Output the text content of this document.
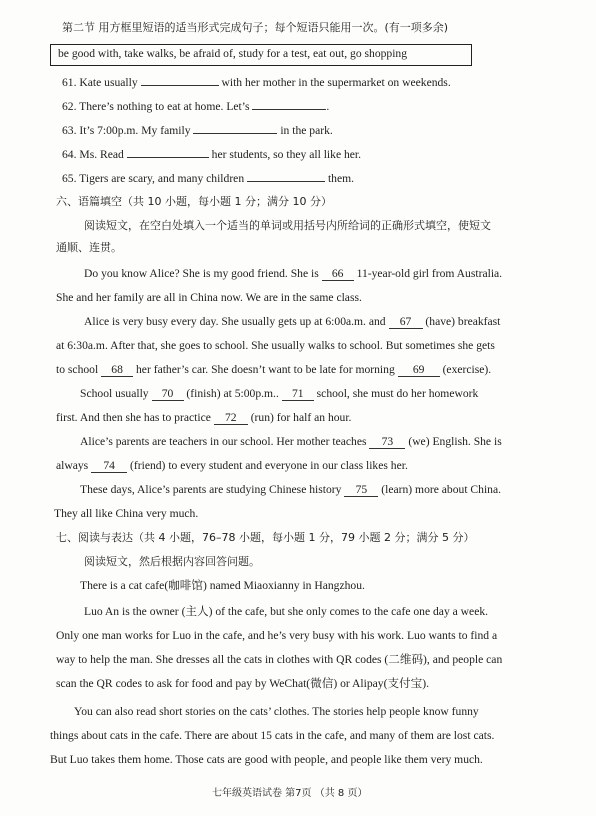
第二节 用方框里短语的适当形式完成句子；每个短语只能用一次。(有一项多余)
be good with, take walks, be afraid of, study for a test, eat out, go shopping
61. Kate usually	with her mother in the supermarket on weekends.
62. There’s nothing to eat at home. Let’s	.
63. It’s 7:00p.m. My family	in the park.
64. Ms. Read	her students, so they all like her.
65. Tigers are scary, and many children	them.
六、语篇填空（共 10 小题，每小题 1 分；满分 10 分）
阅读短文，在空白处填入一个适当的单词或用括号内所给词的正确形式填空，使短文
通顺、连贯。
Do you know Alice? She is my good friend. She is 66 11-year-old girl from Australia.
She and her family are all in China now. We are in the same class.
Alice is very busy every day. She usually gets up at 6:00a.m. and 67 (have) breakfast
at 6:30a.m. After that, she goes to school. She usually walks to school. But sometimes she gets
to school 68 her father’s car. She doesn’t want to be late for morning 69 (exercise).
School usually 70 (finish) at 5:00p.m.. 71 school, she must do her homework
first. And then she has to practice 72 (run) for half an hour.
Alice’s parents are teachers in our school. Her mother teaches 73 (we) English. She is
always 74 (friend) to every student and everyone in our class likes her.
These days, Alice’s parents are studying Chinese history 75 (learn) more about China.
They all like China very much.
七、阅读与表达（共 4 小题，76–78 小题，每小题 1 分，79 小题 2 分；满分 5 分）
阅读短文，然后根据内容回答问题。
There is a cat cafe(咖啡馆) named Miaoxianny in Hangzhou.
Luo An is the owner (主人) of the cafe, but she only comes to the cafe one day a week.
Only one man works for Luo in the cafe, and he’s very busy with his work. Luo wants to find a
way to help the man. She dresses all the cats in clothes with QR codes (二维码), and people can
scan the QR codes to ask for food and pay by WeChat(微信) or Alipay(支付宝).
You can also read short stories on the cats’ clothes. The stories help people know funny
things about cats in the cafe. There are about 15 cats in the cafe, and many of them are lost cats.
But Luo takes them home. Those cats are good with people, and people like them very much.
七年级英语试卷 第7页 （共 8 页）
